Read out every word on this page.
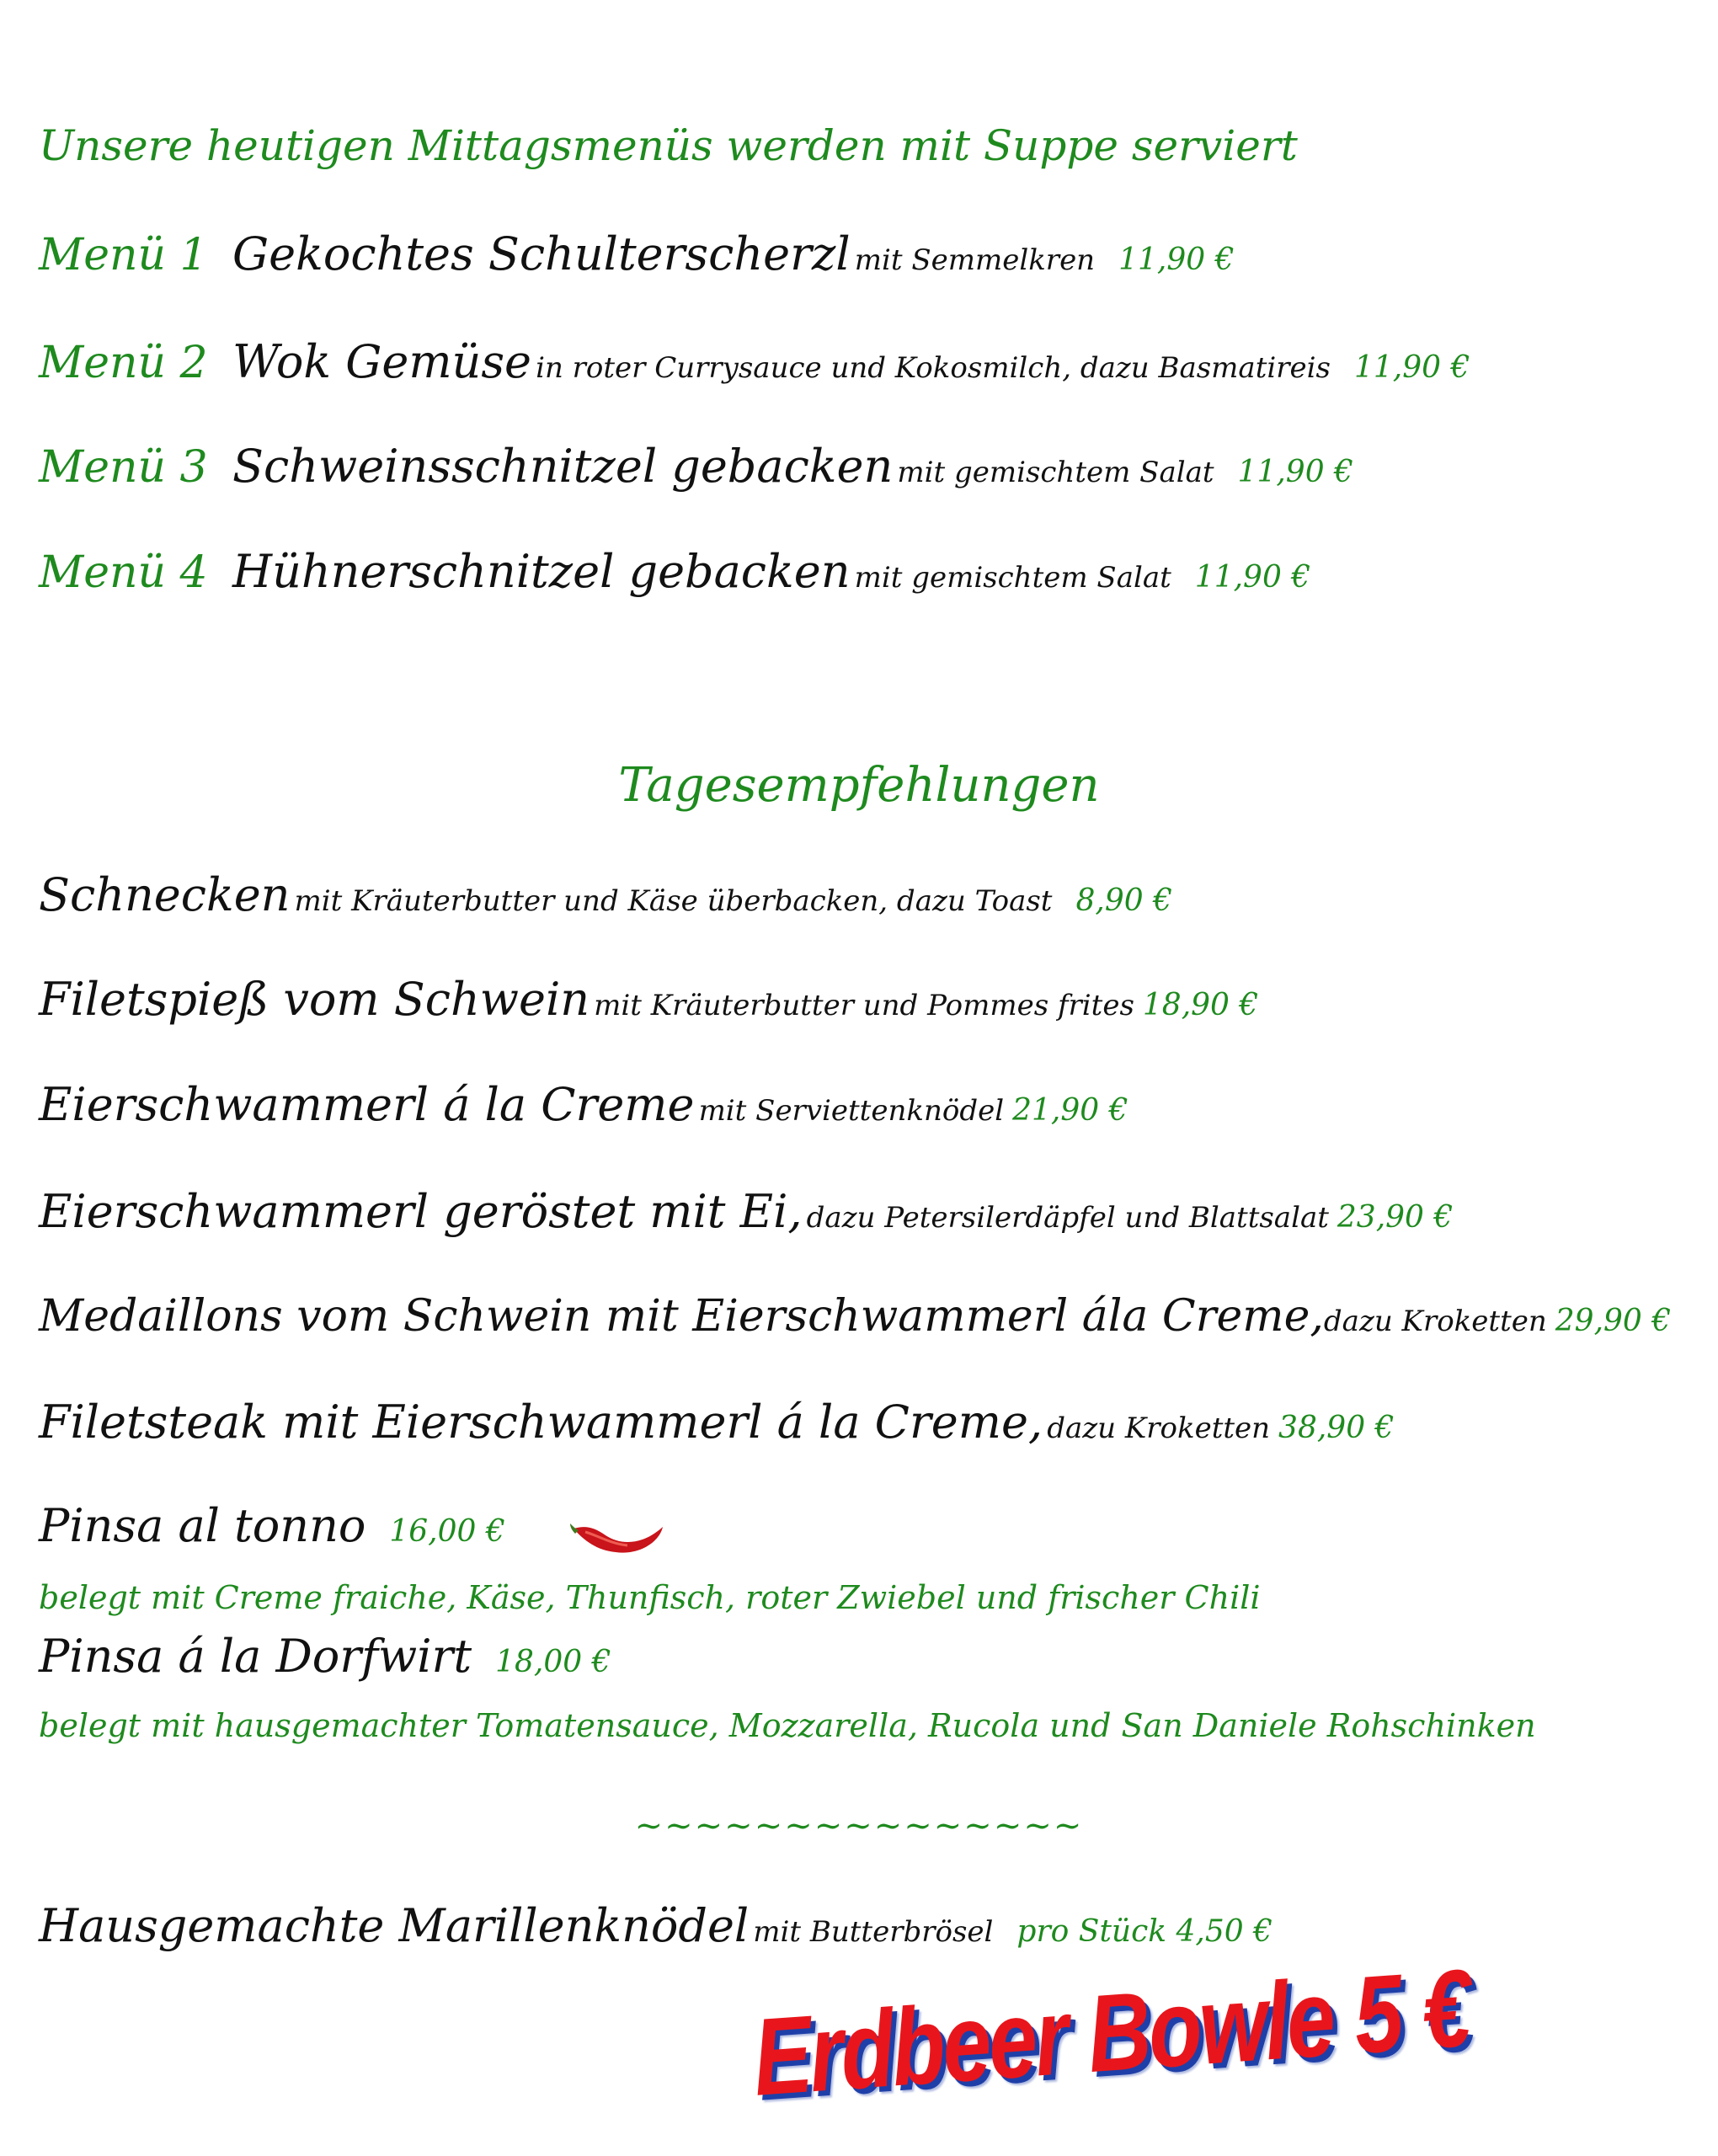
Unsere heutigen Mittagsmenüs werden mit Suppe serviert
Menü 1 Gekochtes Schulterscherzl mit Semmelkren 11,90 €
Menü 2 Wok Gemüse in roter Currysauce und Kokosmilch, dazu Basmatireis 11,90 €
Menü 3 Schweinsschnitzel gebacken mit gemischtem Salat 11,90 €
Menü 4 Hühnerschnitzel gebacken mit gemischtem Salat 11,90 €
Tagesempfehlungen
Schnecken mit Kräuterbutter und Käse überbacken, dazu Toast 8,90 €
Filetspieß vom Schwein mit Kräuterbutter und Pommes frites 18,90 €
Eierschwammerl á la Creme mit Serviettenknödel 21,90 €
Eierschwammerl geröstet mit Ei, dazu Petersilerdäpfel und Blattsalat 23,90 €
Medaillons vom Schwein mit Eierschwammerl ála Creme,dazu Kroketten 29,90 €
Filetsteak mit Eierschwammerl á la Creme, dazu Kroketten 38,90 €
Pinsa al tonno 16,00 €
belegt mit Creme fraiche, Käse, Thunfisch, roter Zwiebel und frischer Chili
Pinsa á la Dorfwirt 18,00 €
belegt mit hausgemachter Tomatensauce, Mozzarella, Rucola und San Daniele Rohschinken
~~~~~~~~~~~~~~~
Hausgemachte Marillenknödel mit Butterbrösel pro Stück 4,50 €
Erdbeer Bowle 5 €
